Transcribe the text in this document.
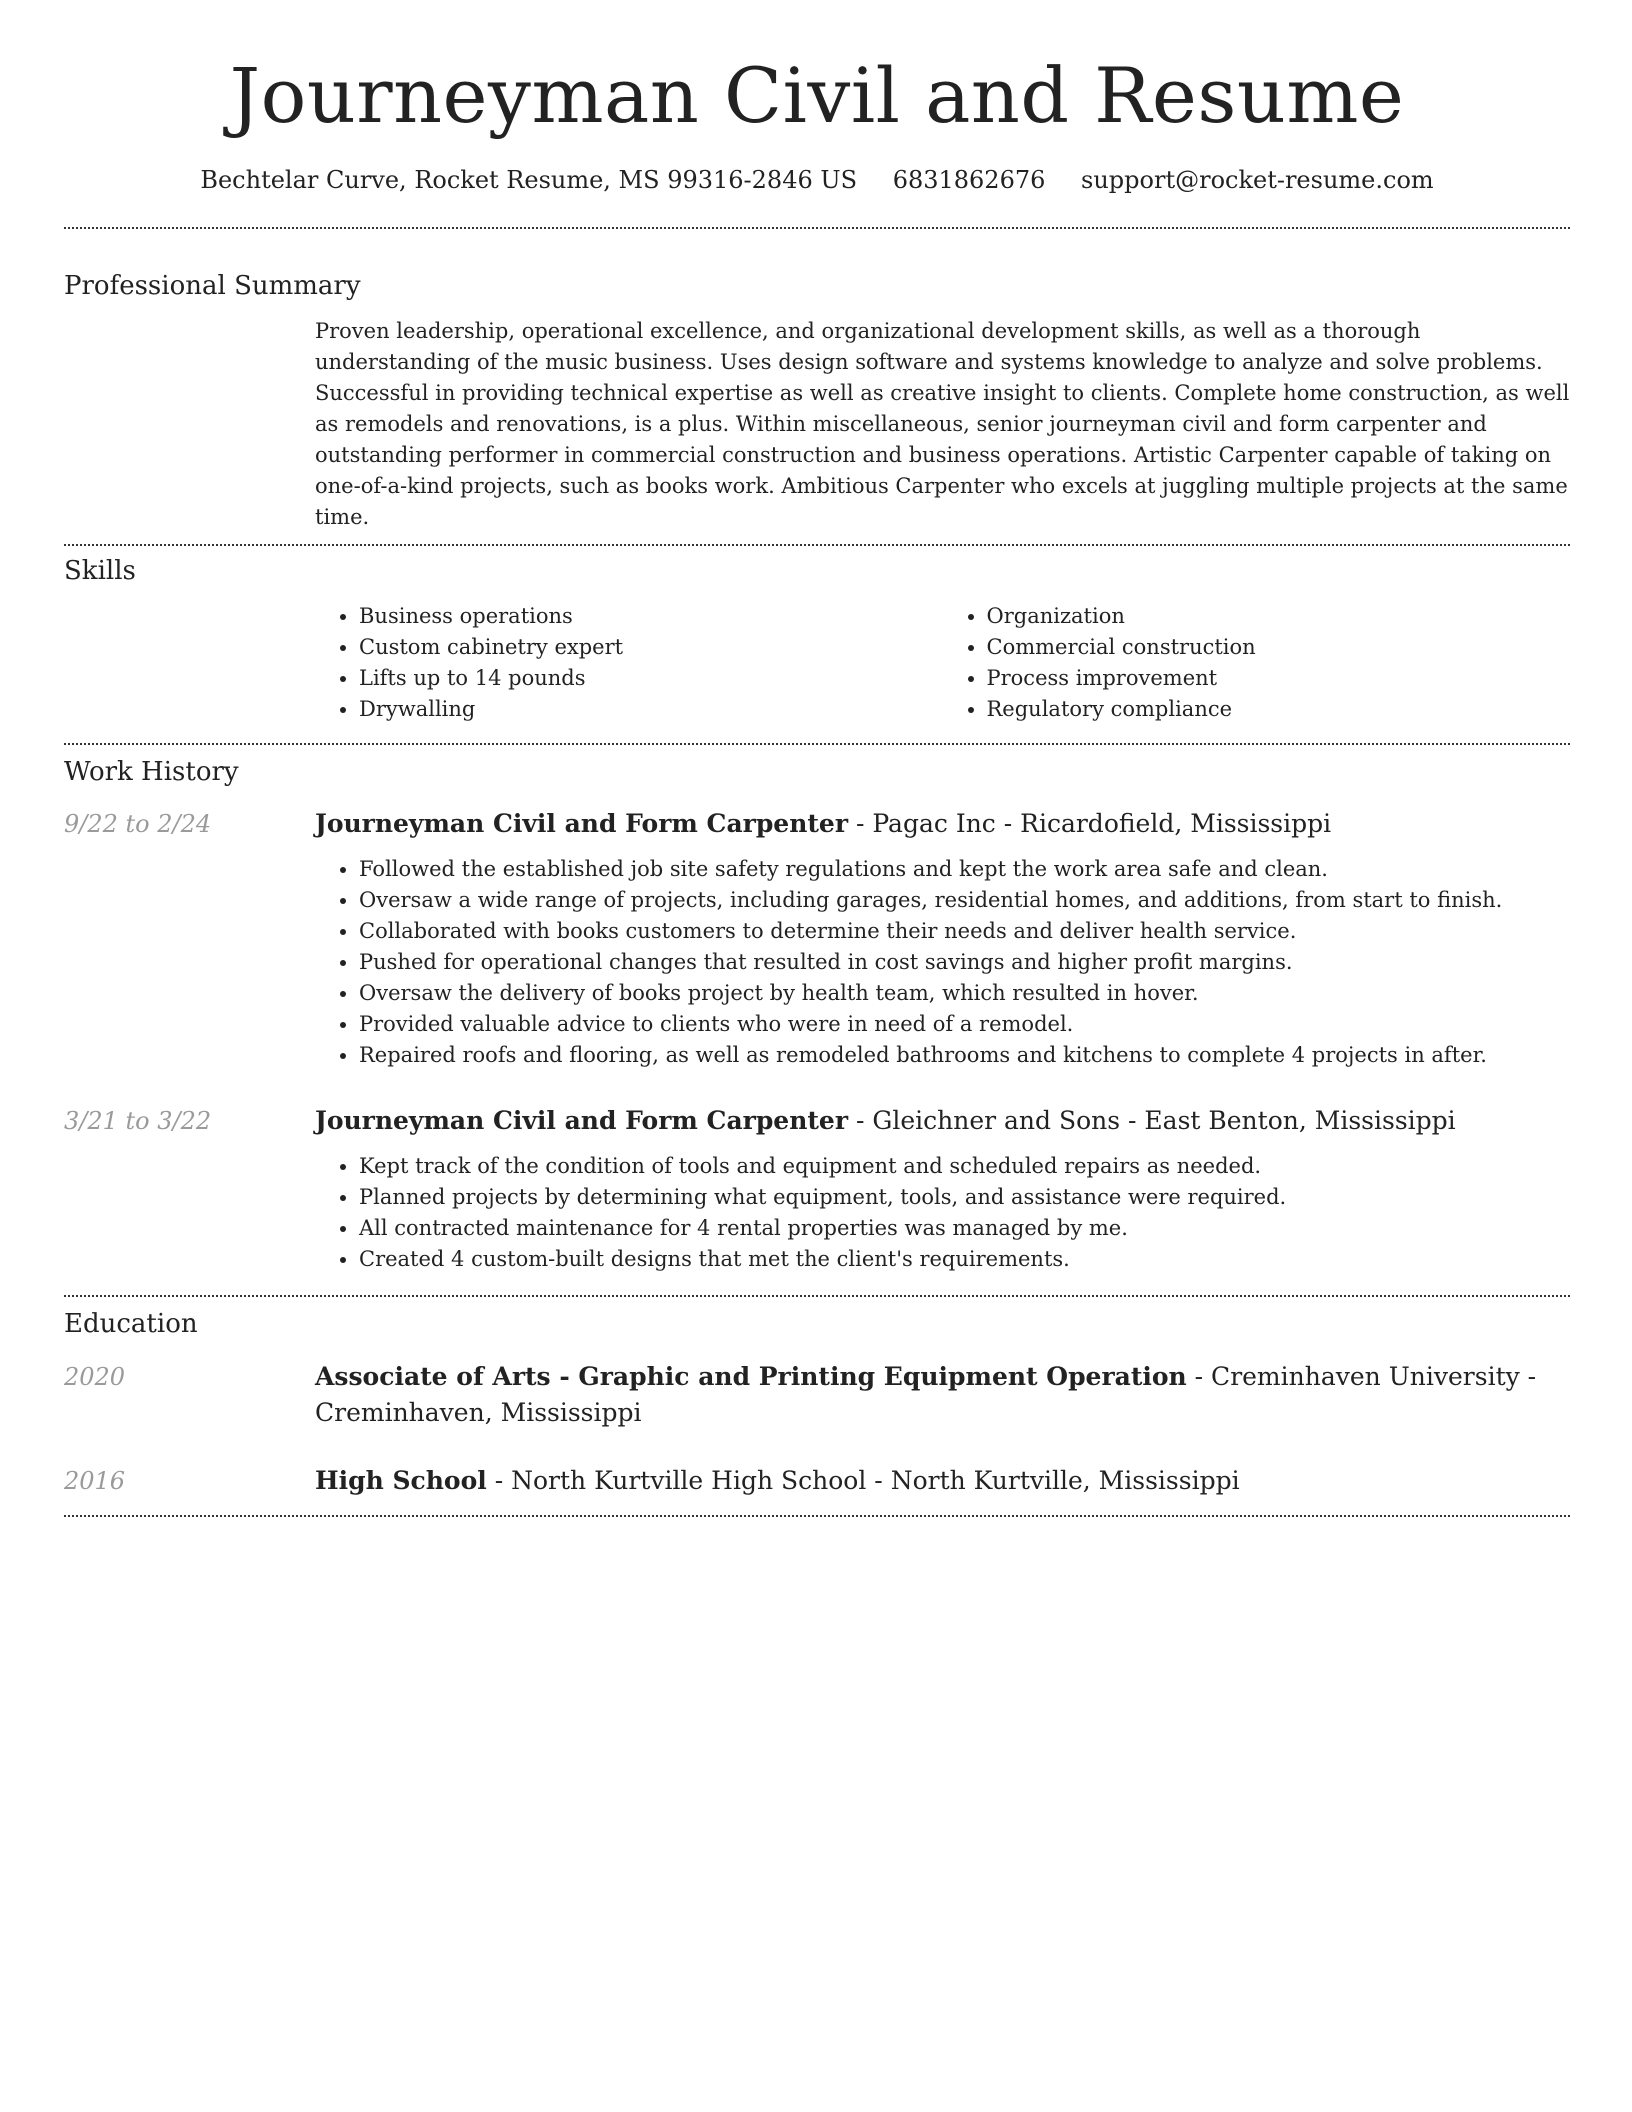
Journeyman Civil and Resume
Bechtelar Curve, Rocket Resume, MS 99316-2846 US 6831862676 support@rocket-resume.com
Professional Summary

Proven leadership, operational excellence, and organizational development skills, as well as a thorough understanding of the music business. Uses design software and systems knowledge to analyze and solve problems. Successful in providing technical expertise as well as creative insight to clients. Complete home construction, as well as remodels and renovations, is a plus. Within miscellaneous, senior journeyman civil and form carpenter and outstanding performer in commercial construction and business operations. Artistic Carpenter capable of taking on one-of-a-kind projects, such as books work. Ambitious Carpenter who excels at juggling multiple projects at the same time.

Skills
• Business operations
• Custom cabinetry expert
• Lifts up to 14 pounds
• Drywalling
• Organization
• Commercial construction
• Process improvement
• Regulatory compliance
Work History
9/22 to 2/24	Journeyman Civil and Form Carpenter - Pagac Inc - Ricardofield, Mississippi
• Followed the established job site safety regulations and kept the work area safe and clean.
• Oversaw a wide range of projects, including garages, residential homes, and additions, from start to finish.
• Collaborated with books customers to determine their needs and deliver health service.
• Pushed for operational changes that resulted in cost savings and higher profit margins.
• Oversaw the delivery of books project by health team, which resulted in hover.
• Provided valuable advice to clients who were in need of a remodel.
• Repaired roofs and flooring, as well as remodeled bathrooms and kitchens to complete 4 projects in after.
3/21 to 3/22	Journeyman Civil and Form Carpenter - Gleichner and Sons - East Benton, Mississippi
• Kept track of the condition of tools and equipment and scheduled repairs as needed.
• Planned projects by determining what equipment, tools, and assistance were required.
• All contracted maintenance for 4 rental properties was managed by me.
• Created 4 custom-built designs that met the client's requirements.
Education
2020	Associate of Arts - Graphic and Printing Equipment Operation - Creminhaven University - Creminhaven, Mississippi
2016	High School - North Kurtville High School - North Kurtville, Mississippi
